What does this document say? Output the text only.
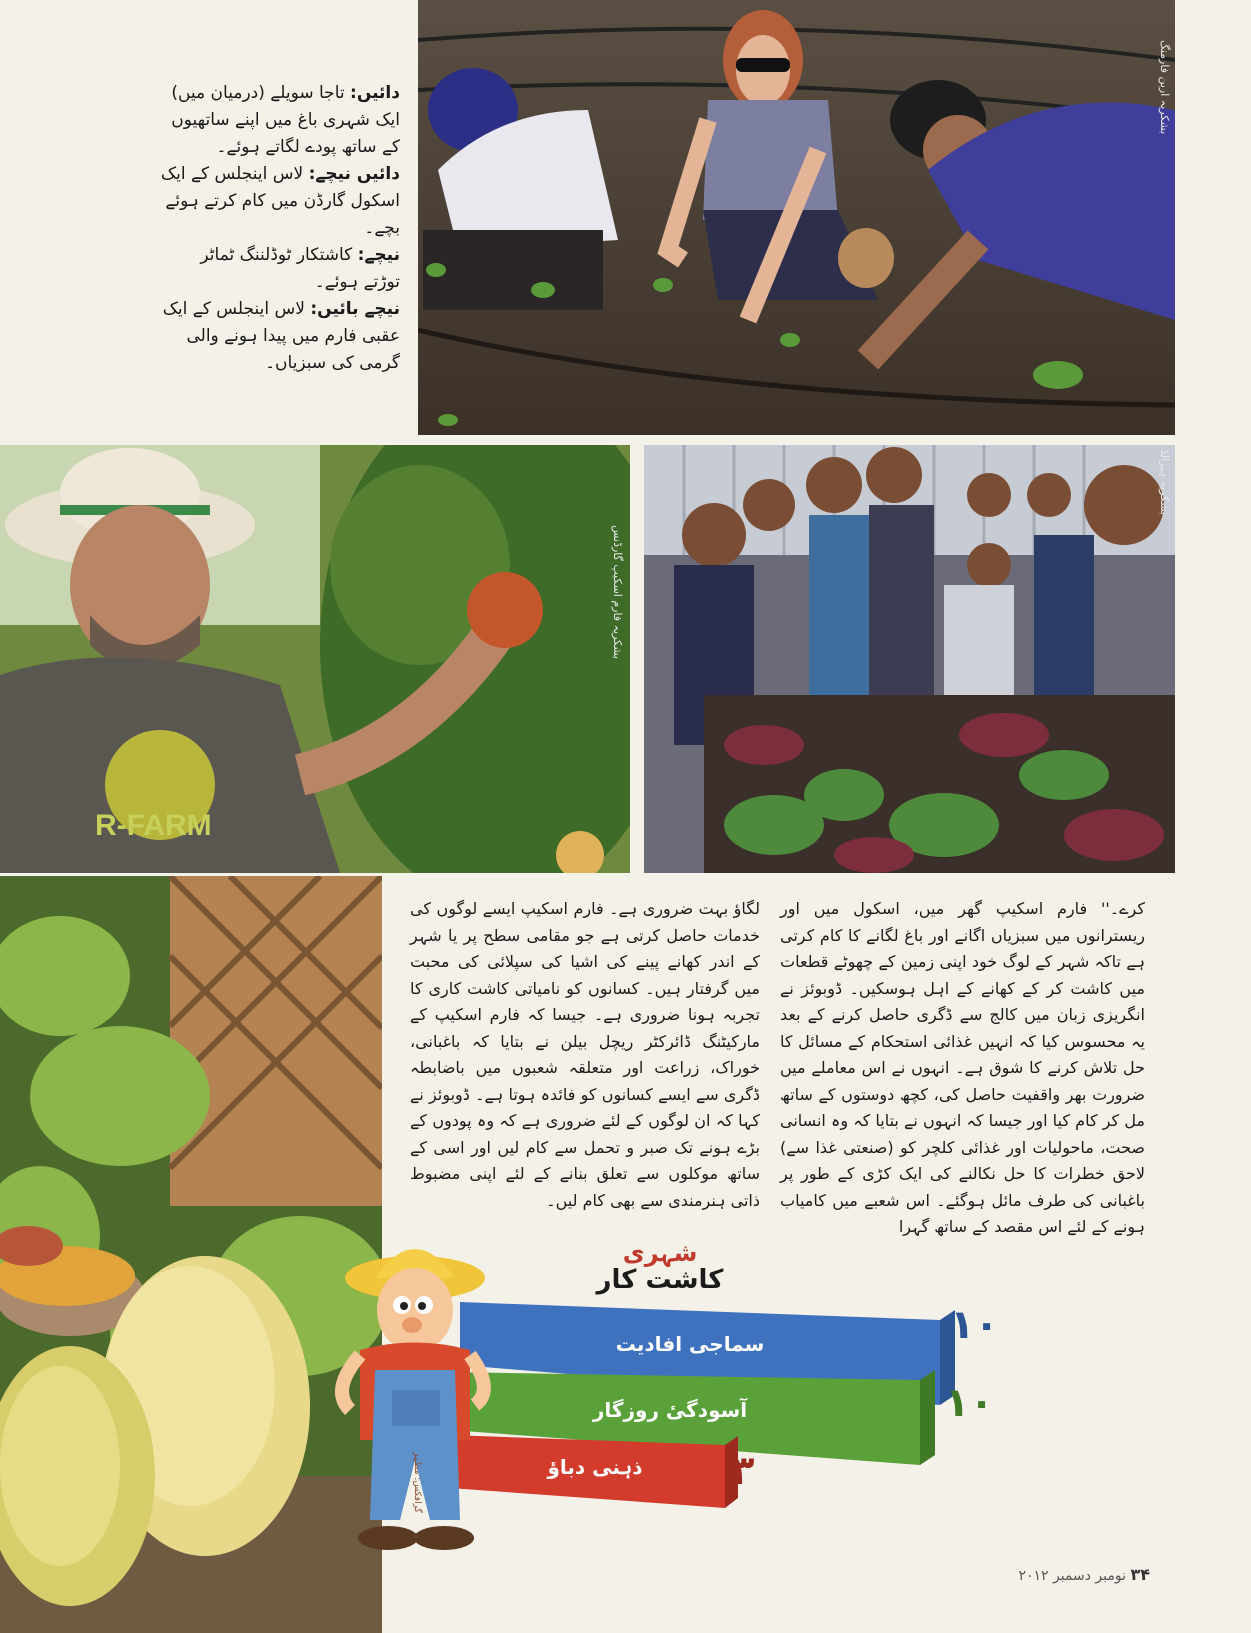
بشکریہ اربن فارمنگ

دائیں: تاجا سویلے (درمیان میں) ایک شہری باغ میں اپنے ساتھیوں کے ساتھ پودے لگاتے ہوئے۔

دائیں نیچے: لاس اینجلس کے ایک اسکول گارڈن میں کام کرتے ہوئے بچے۔

نیچے: کاشتکار ٹوڈلننگ ٹماٹر توڑتے ہوئے۔

نیچے بائیں: لاس اینجلس کے ایک عقبی فارم میں پیدا ہونے والی گرمی کی سبزیاں۔

R-FARM
بشکریہ فارم اسکیپ گارڈنس
بشکریہ ہیرالڈ

کرے۔'' فارم اسکیپ گھر میں، اسکول میں اور ریسترانوں میں سبزیاں اگانے اور باغ لگانے کا کام کرتی ہے تاکہ شہر کے لوگ خود اپنی زمین کے چھوٹے قطعات میں کاشت کر کے کھانے کے اہل ہوسکیں۔ ڈوبوئز نے انگریزی زبان میں کالج سے ڈگری حاصل کرنے کے بعد یہ محسوس کیا کہ انہیں غذائی استحکام کے مسائل کا حل تلاش کرنے کا شوق ہے۔ انہوں نے اس معاملے میں ضرورت بھر واقفیت حاصل کی، کچھ دوستوں کے ساتھ مل کر کام کیا اور جیسا کہ انہوں نے بتایا کہ وہ انسانی صحت، ماحولیات اور غذائی کلچر کو (صنعتی غذا سے) لاحق خطرات کا حل نکالنے کی ایک کڑی کے طور پر باغبانی کی طرف مائل ہوگئے۔ اس شعبے میں کامیاب ہونے کے لئے اس مقصد کے ساتھ گہرا

لگاؤ بہت ضروری ہے۔ فارم اسکیپ ایسے لوگوں کی خدمات حاصل کرتی ہے جو مقامی سطح پر یا شہر کے اندر کھانے پینے کی اشیا کی سپلائی کی محبت میں گرفتار ہیں۔ کسانوں کو نامیاتی کاشت کاری کا تجربہ ہونا ضروری ہے۔ جیسا کہ فارم اسکیپ کے مارکیٹنگ ڈائرکٹر ریچل بیلن نے بتایا کہ باغبانی، خوراک، زراعت اور متعلقہ شعبوں میں باضابطہ ڈگری سے ایسے کسانوں کو فائدہ ہوتا ہے۔ ڈوبوئز نے کہا کہ ان لوگوں کے لئے ضروری ہے کہ وہ پودوں کے بڑے ہونے تک صبر و تحمل سے کام لیں اور اسی کے ساتھ موکلوں سے تعلق بنانے کے لئے اپنی مضبوط ذاتی ہنرمندی سے بھی کام لیں۔

شہری
کاشت کار
سماجی افادیت
آسودگیٔ روزگار
ذہنی دباؤ
۱۰
۱۰
۳
گرافکس: مظہر
۳۴ نومبر دسمبر ۲۰۱۲
